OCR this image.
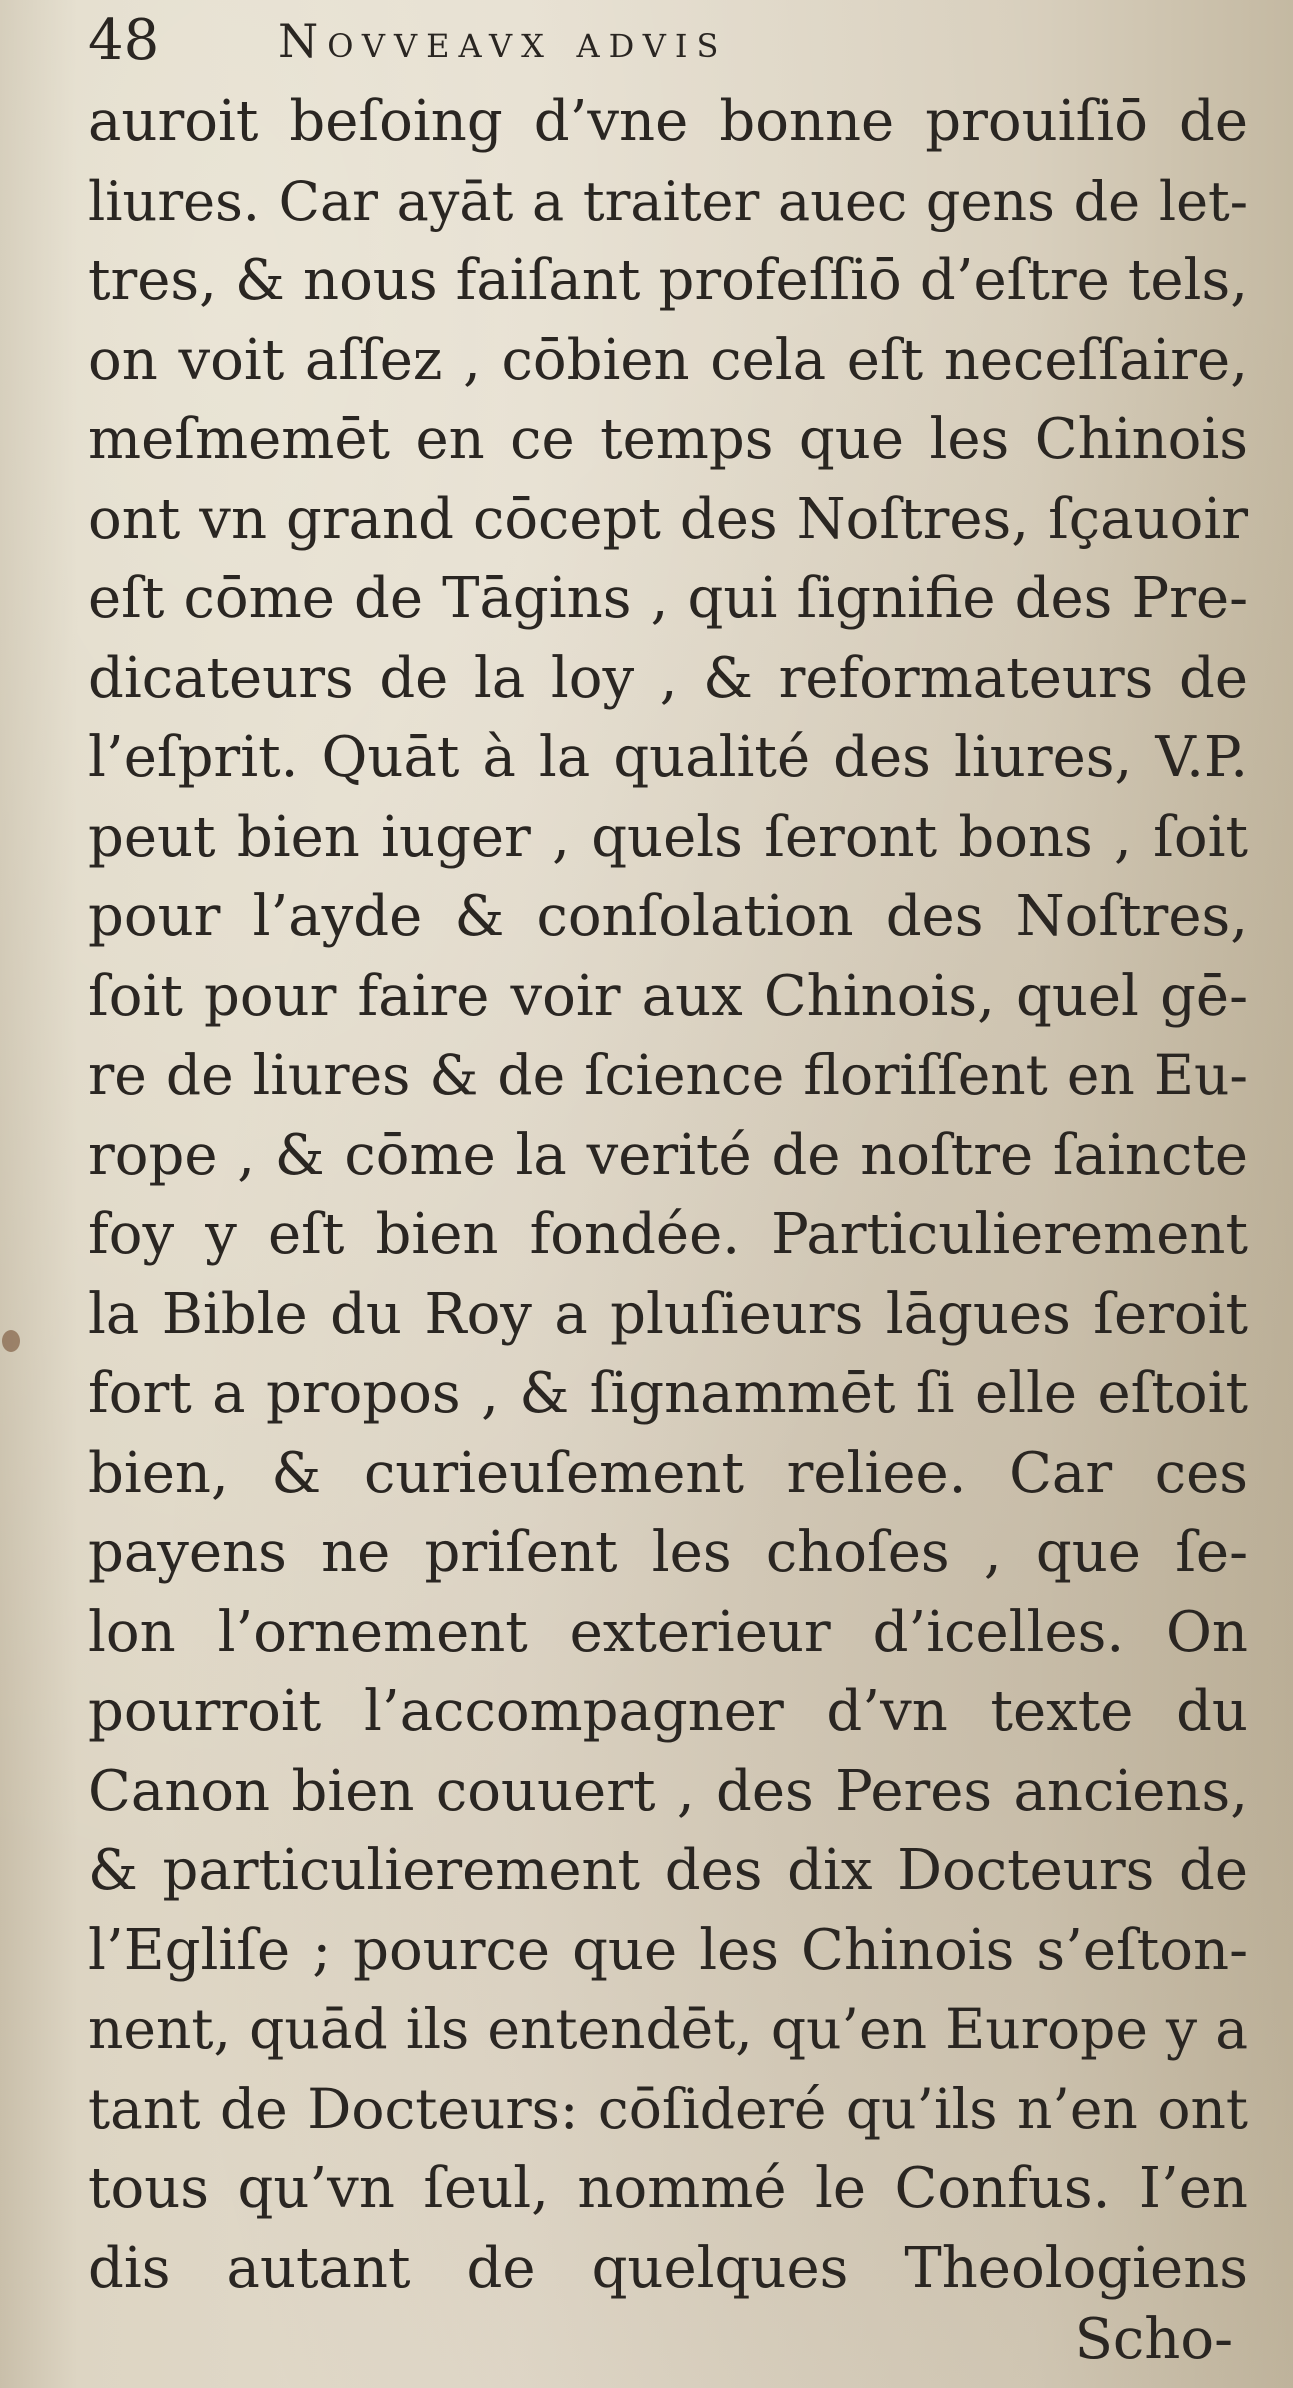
48	Novveavx advis
auroit beſoing d’vne bonne prouiſiō de
liures. Car ayāt a traiter auec gens de let-
tres, & nous faiſant profeſſiō d’eſtre tels,
on voit aſſez , cōbien cela eſt neceſſaire,
meſmemēt en ce temps que les Chinois
ont vn grand cōcept des Noſtres, ſçauoir
eſt cōme de Tāgins , qui ſignifie des Pre-
dicateurs de la loy , & reformateurs de
l’eſprit. Quāt à la qualité des liures, V.P.
peut bien iuger , quels ſeront bons , ſoit
pour l’ayde & conſolation des Noſtres,
ſoit pour faire voir aux Chinois, quel gē-
re de liures & de ſcience floriſſent en Eu-
rope , & cōme la verité de noſtre ſaincte
foy y eſt bien fondée. Particulierement
la Bible du Roy a pluſieurs lāgues ſeroit
fort a propos , & ſignammēt ſi elle eſtoit
bien, & curieuſement reliee. Car ces
payens ne priſent les choſes , que ſe-
lon l’ornement exterieur d’icelles. On
pourroit l’accompagner d’vn texte du
Canon bien couuert , des Peres anciens,
& particulierement des dix Docteurs de
l’Egliſe ; pource que les Chinois s’eſton-
nent, quād ils entendēt, qu’en Europe y a
tant de Docteurs: cōſideré qu’ils n’en ont
tous qu’vn ſeul, nommé le Confus. I’en
dis autant de quelques Theologiens
Scho-
